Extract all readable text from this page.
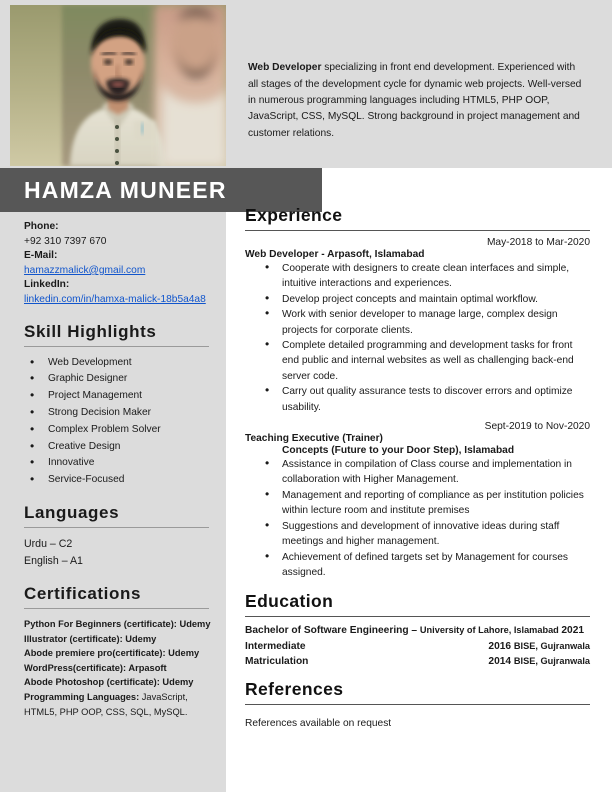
Web Developer specializing in front end development. Experienced with all stages of the development cycle for dynamic web projects. Well-versed in numerous programming languages including HTML5, PHP OOP, JavaScript, CSS, MySQL. Strong background in project management and customer relations.

HAMZA MUNEER
Phone:
+92 310 7397 670
E-Mail:
hamazzmalick@gmail.com
LinkedIn:
linkedin.com/in/hamxa-malick-18b5a4a8
Skill Highlights
• Web Development
• Graphic Designer
• Project Management
• Strong Decision Maker
• Complex Problem Solver
• Creative Design
• Innovative
• Service-Focused
Languages
Urdu – C2
English – A1
Certifications
Python For Beginners (certificate): Udemy
Illustrator (certificate): Udemy
Abode premiere pro(certificate): Udemy
WordPress(certificate): Arpasoft
Abode Photoshop (certificate): Udemy
Programming Languages: JavaScript,
HTML5, PHP OOP, CSS, SQL, MySQL.
Experience
May-2018 to Mar-2020
Web Developer - Arpasoft, Islamabad
• Cooperate with designers to create clean interfaces and simple, intuitive interactions and experiences.
• Develop project concepts and maintain optimal workflow.
• Work with senior developer to manage large, complex design projects for corporate clients.
• Complete detailed programming and development tasks for front end public and internal websites as well as challenging back-end server code.
• Carry out quality assurance tests to discover errors and optimize usability.
Sept-2019 to Nov-2020
Teaching Executive (Trainer)
Concepts (Future to your Door Step), Islamabad
• Assistance in compilation of Class course and implementation in collaboration with Higher Management.
• Management and reporting of compliance as per institution policies within lecture room and institute premises
• Suggestions and development of innovative ideas during staff meetings and higher management.
• Achievement of defined targets set by Management for courses assigned.
Education
Bachelor of Software Engineering – University of Lahore, Islamabad 2021
Intermediate	2016 BISE, Gujranwala
Matriculation	2014 BISE, Gujranwala
References
References available on request
